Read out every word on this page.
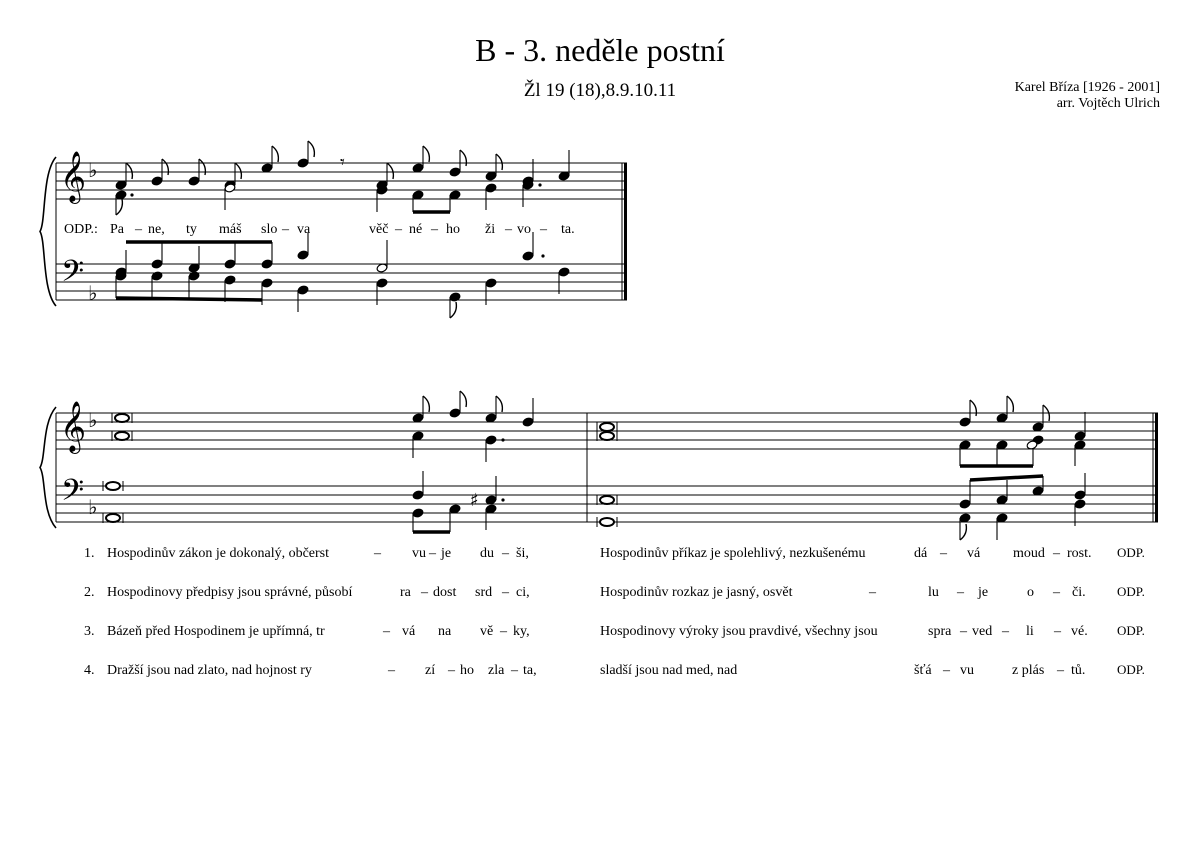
B - 3. neděle postní
Žl 19 (18),8.9.10.11	Karel Bříza [1926 - 2001]
arr. Vojtěch Ulrich
𝄞
𝄢
𝄞
𝄢
♭
♭
♭
♭
𝄾
♯
ODP.: Pa – ne, ty máš slo – va	věč – né – ho ži – vo – ta.
1. Hospodinův zákon je dokonalý, občerst	– vu – je du – ši,	Hospodinův příkaz je spolehlivý, nezkušenému	dá – vá moud – rost. ODP.
2. Hospodinovy předpisy jsou správné, působí	ra – dost srd – ci,	Hospodinův rozkaz je jasný, osvět	–	lu – je	o – či. ODP.
3. Bázeň před Hospodinem je upřímná, tr	– vá na vě – ky,	Hospodinovy výroky jsou pravdivé, všechny jsou	spra – ved – li – vé. ODP.
4. Dražší jsou nad zlato, nad hojnost ry	– zí – ho zla – ta,	sladší jsou nad med, nad	šťá – vu	z plás – tů. ODP.
